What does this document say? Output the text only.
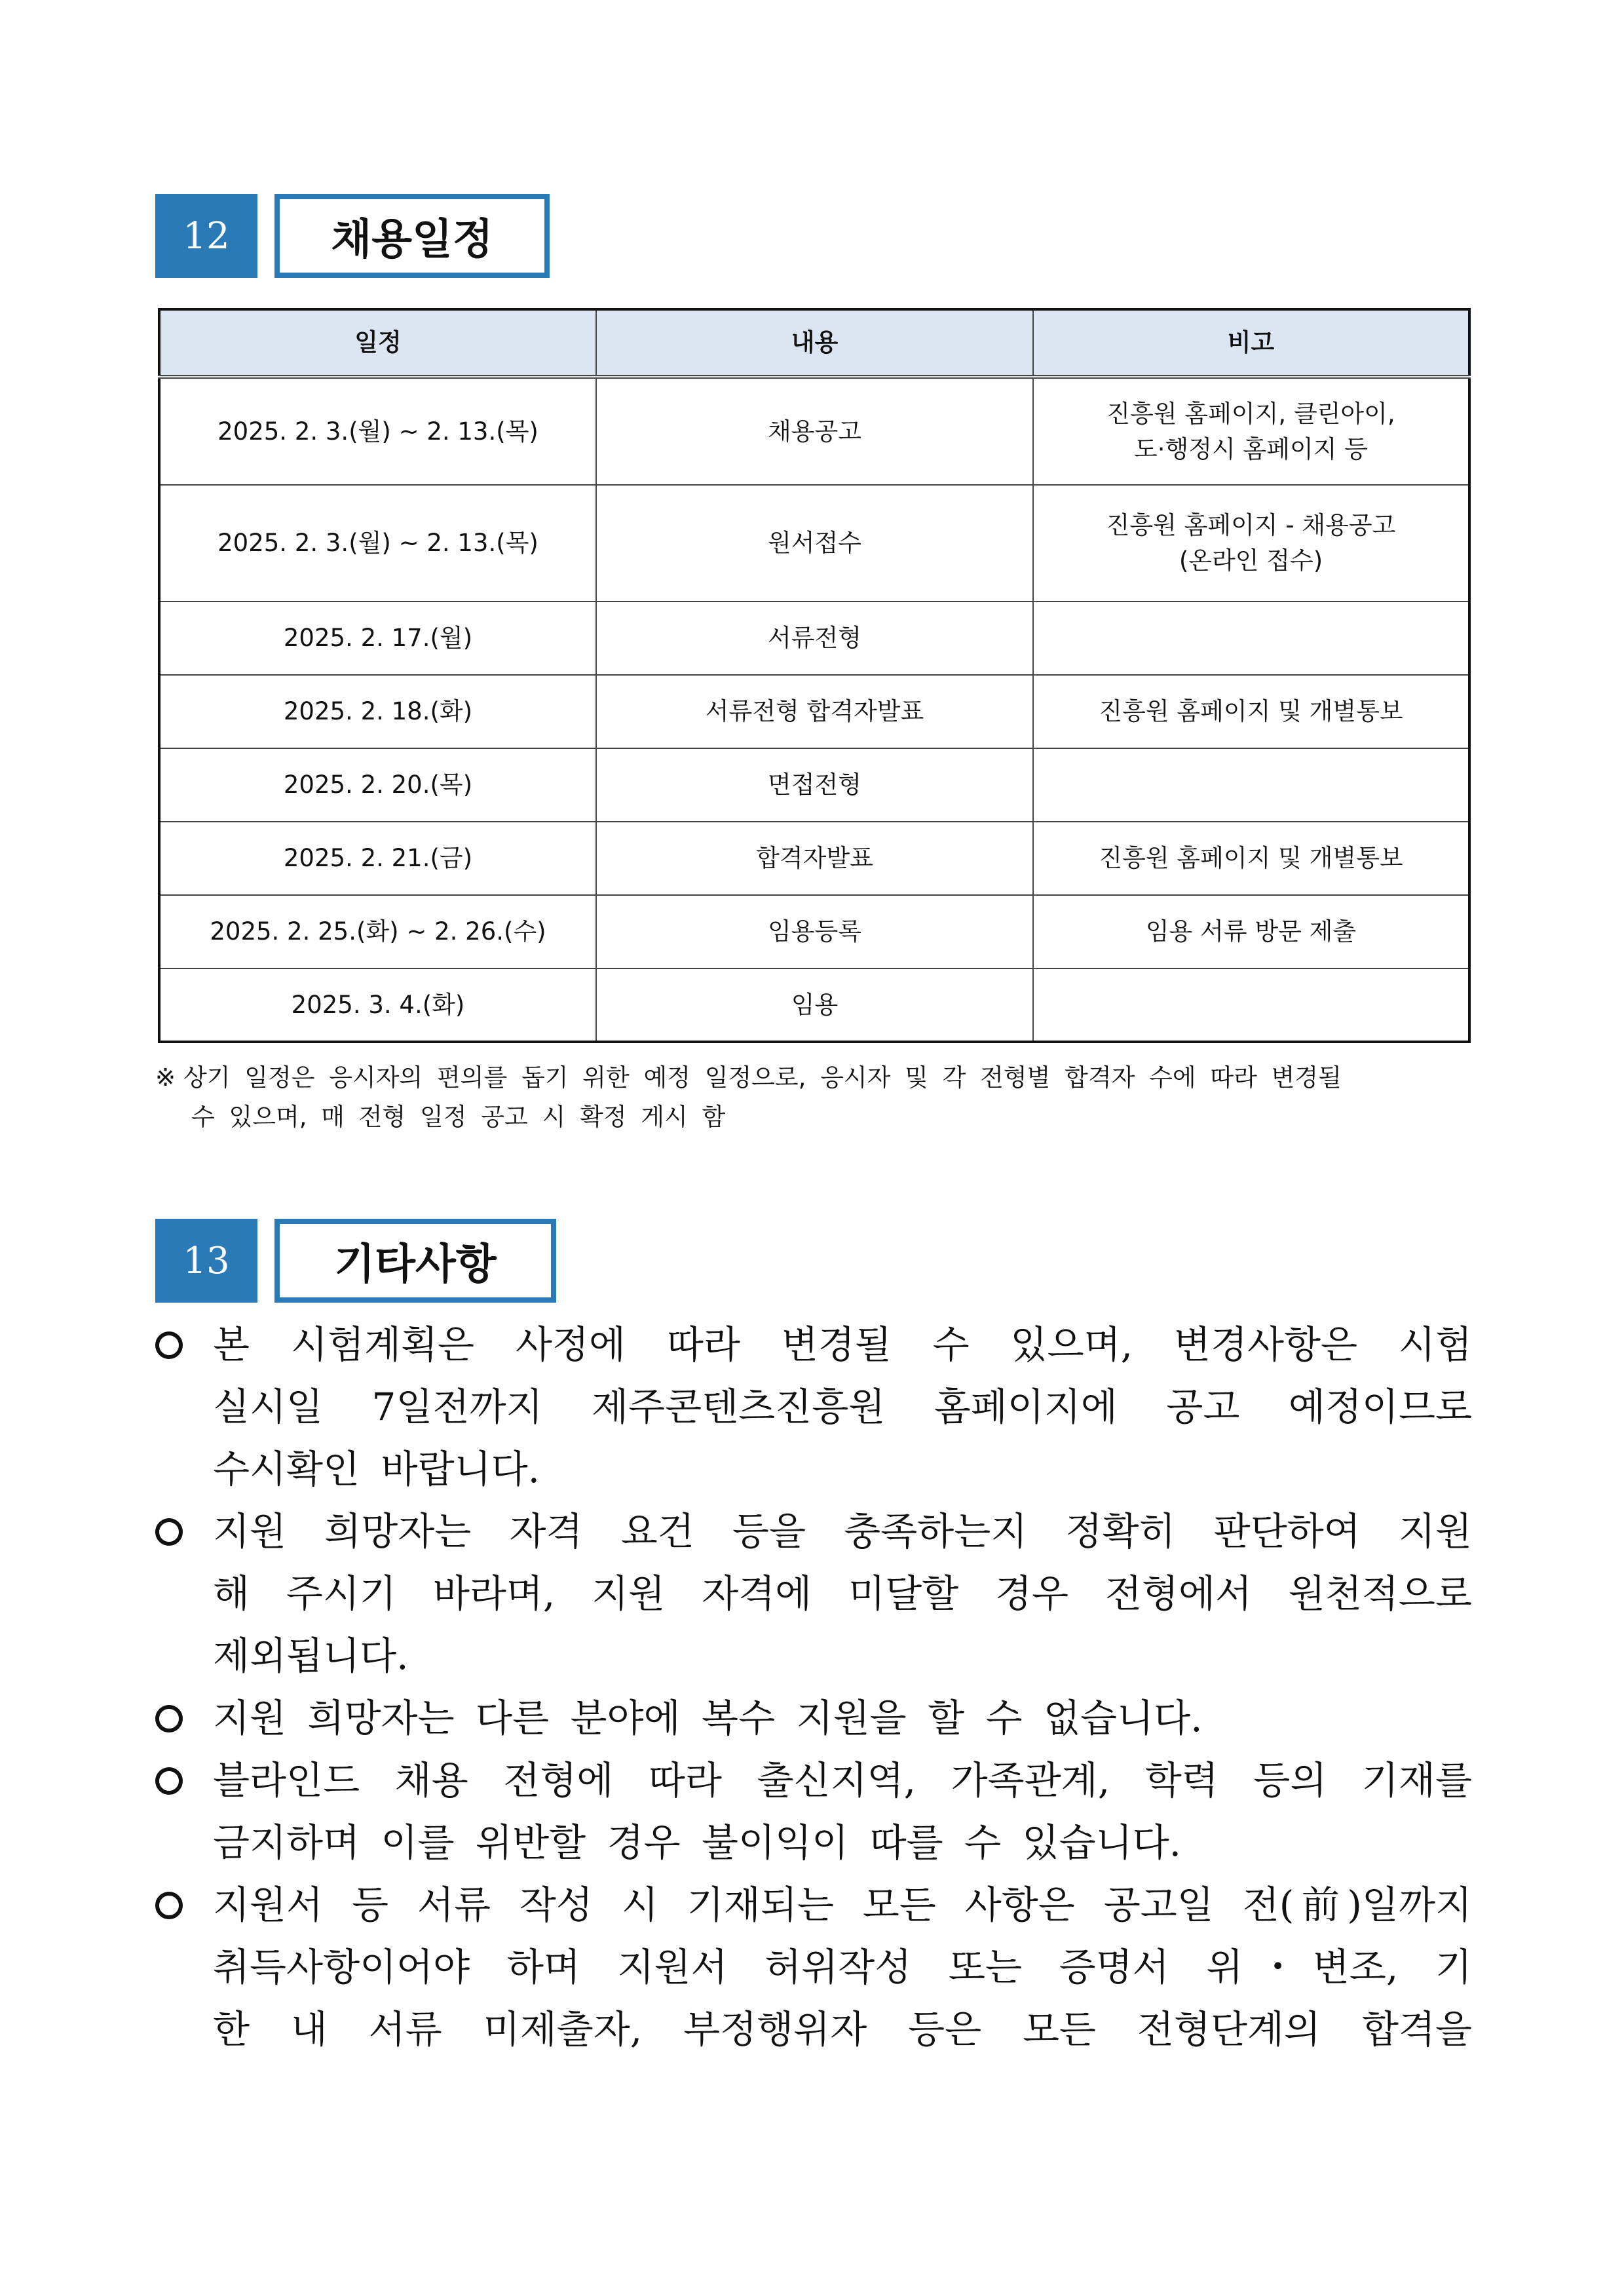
12	채용일정
일정	내용	비고
2025. 2. 3.(월) ~ 2. 13.(목)	채용공고	진흥원 홈페이지, 클린아이,
도·행정시 홈페이지 등

2025. 2. 3.(월) ~ 2. 13.(목)	원서접수	진흥원 홈페이지 - 채용공고
(온라인 접수)

2025. 2. 17.(월)	서류전형	
2025. 2. 18.(화)	서류전형 합격자발표	진흥원 홈페이지 및 개별통보
2025. 2. 20.(목)	면접전형	
2025. 2. 21.(금)	합격자발표	진흥원 홈페이지 및 개별통보
2025. 2. 25.(화) ~ 2. 26.(수)	임용등록	임용 서류 방문 제출
2025. 3. 4.(화)	임용	
※ 상기 일정은 응시자의 편의를 돕기 위한 예정 일정으로, 응시자 및 각 전형별 합격자 수에 따라 변경될
수 있으며, 매 전형 일정 공고 시 확정 게시 함
13	기타사항
본 시험계획은 사정에 따라 변경될 수 있으며, 변경사항은 시험
실시일 7일전까지 제주콘텐츠진흥원 홈페이지에 공고 예정이므로
수시확인 바랍니다.
지원 희망자는 자격 요건 등을 충족하는지 정확히 판단하여 지원
해 주시기 바라며, 지원 자격에 미달할 경우 전형에서 원천적으로
제외됩니다.
지원 희망자는 다른 분야에 복수 지원을 할 수 없습니다.
블라인드 채용 전형에 따라 출신지역, 가족관계, 학력 등의 기재를
금지하며 이를 위반할 경우 불이익이 따를 수 있습니다.
지원서 등 서류 작성 시 기재되는 모든 사항은 공고일 전(前)일까지
취득사항이어야 하며 지원서 허위작성 또는 증명서 위・변조, 기
한 내 서류 미제출자, 부정행위자 등은 모든 전형단계의 합격을
